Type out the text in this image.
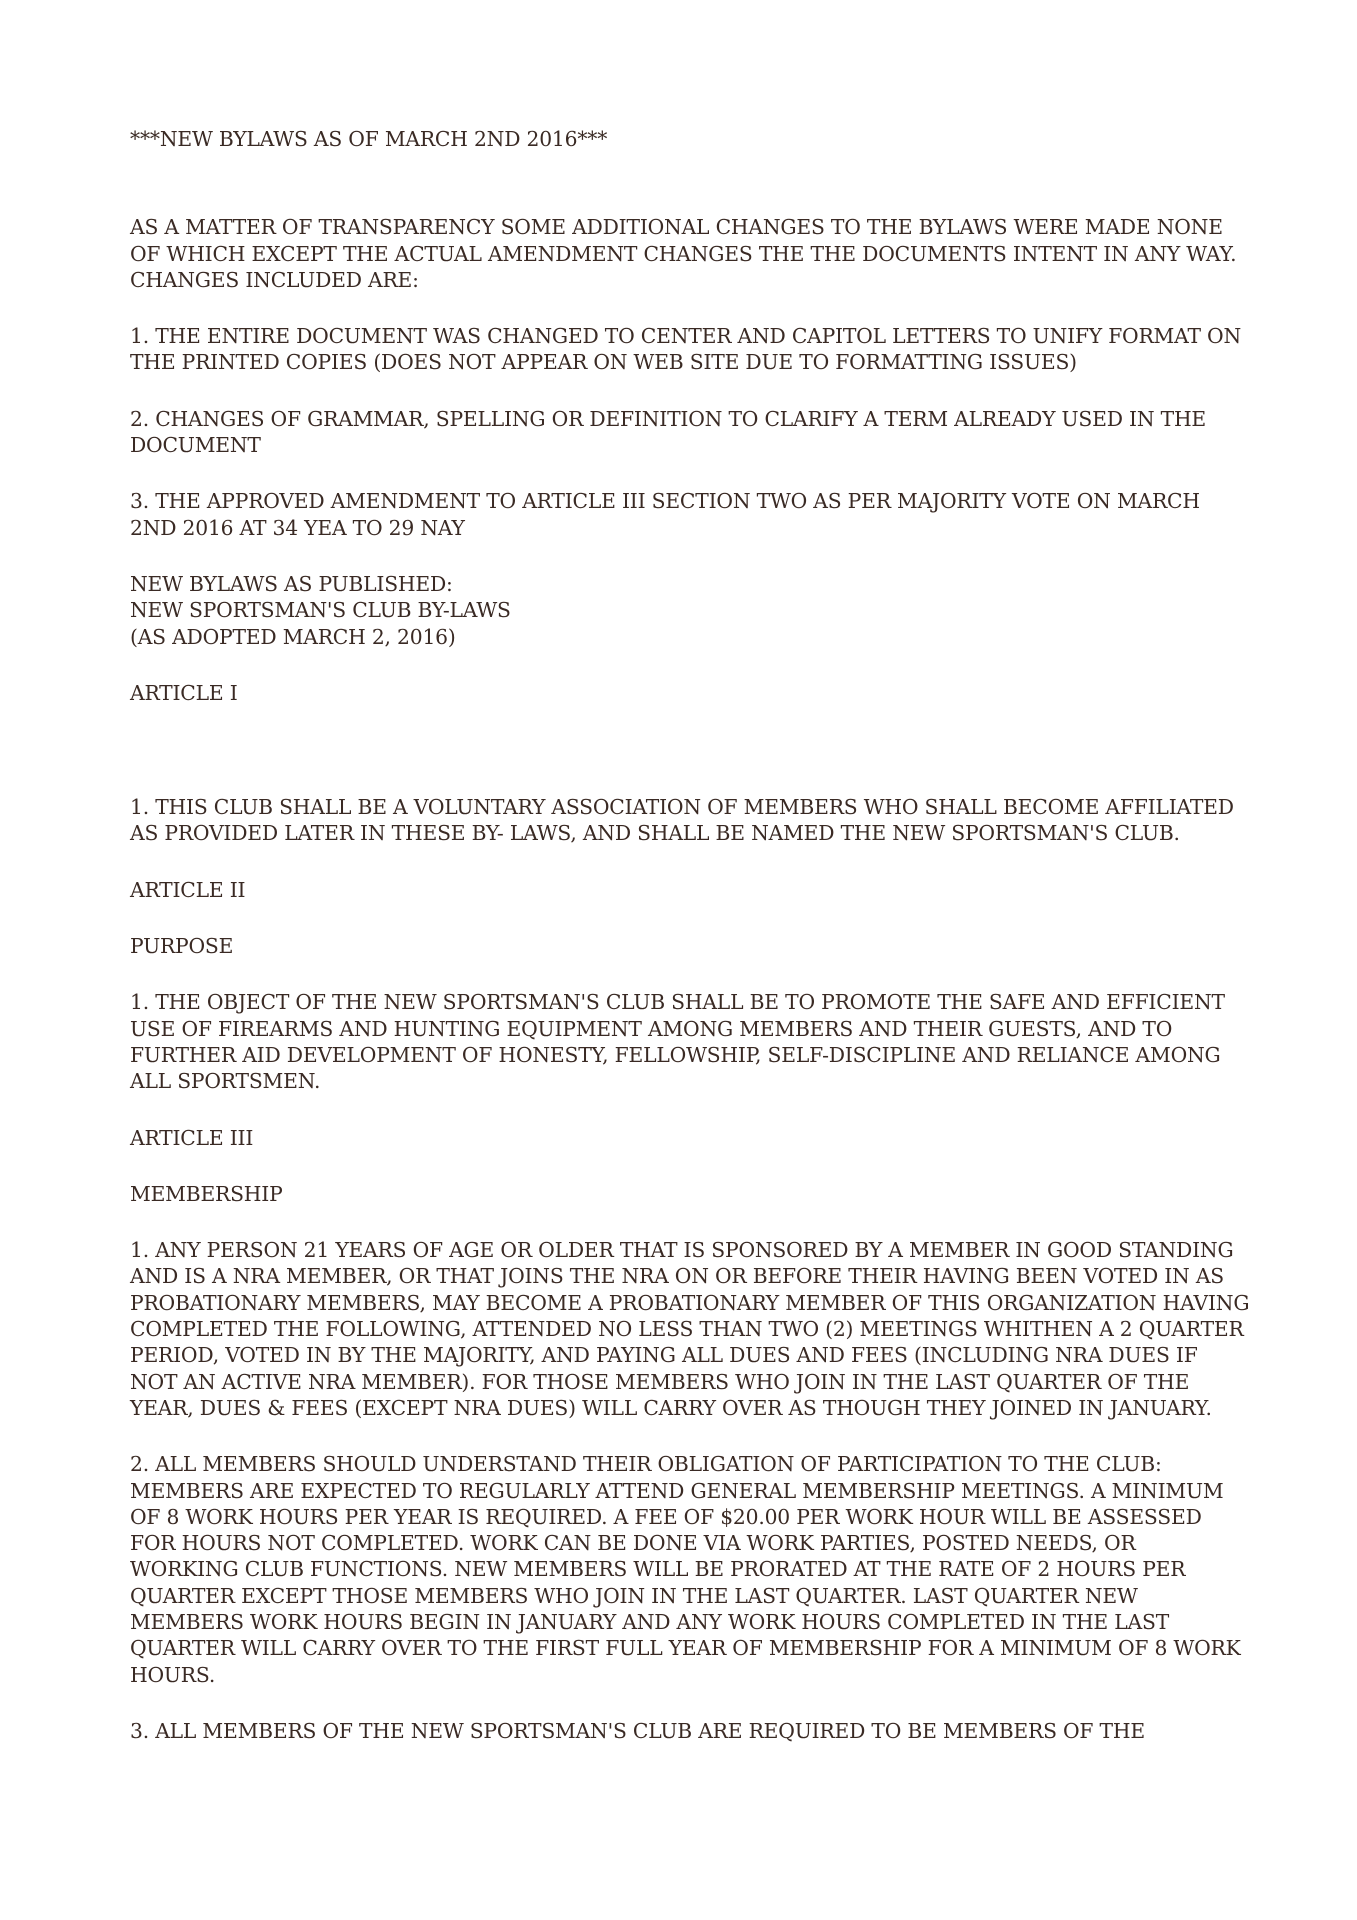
***NEW BYLAWS AS OF MARCH 2ND 2016***

AS A MATTER OF TRANSPARENCY SOME ADDITIONAL CHANGES TO THE BYLAWS WERE MADE NONE OF WHICH EXCEPT THE ACTUAL AMENDMENT CHANGES THE THE DOCUMENTS INTENT IN ANY WAY.
CHANGES INCLUDED ARE:

1. THE ENTIRE DOCUMENT WAS CHANGED TO CENTER AND CAPITOL LETTERS TO UNIFY FORMAT ON THE PRINTED COPIES (DOES NOT APPEAR ON WEB SITE DUE TO FORMATTING ISSUES)

2. CHANGES OF GRAMMAR, SPELLING OR DEFINITION TO CLARIFY A TERM ALREADY USED IN THE DOCUMENT

3. THE APPROVED AMENDMENT TO ARTICLE III SECTION TWO AS PER MAJORITY VOTE ON MARCH 2ND 2016 AT 34 YEA TO 29 NAY

NEW BYLAWS AS PUBLISHED:
NEW SPORTSMAN'S CLUB BY-LAWS
(AS ADOPTED MARCH 2, 2016)

ARTICLE I

1. THIS CLUB SHALL BE A VOLUNTARY ASSOCIATION OF MEMBERS WHO SHALL BECOME AFFILIATED AS PROVIDED LATER IN THESE BY- LAWS, AND SHALL BE NAMED THE NEW SPORTSMAN'S CLUB.

ARTICLE II

PURPOSE

1. THE OBJECT OF THE NEW SPORTSMAN'S CLUB SHALL BE TO PROMOTE THE SAFE AND EFFICIENT USE OF FIREARMS AND HUNTING EQUIPMENT AMONG MEMBERS AND THEIR GUESTS, AND TO FURTHER AID DEVELOPMENT OF HONESTY, FELLOWSHIP, SELF-DISCIPLINE AND RELIANCE AMONG ALL SPORTSMEN.

ARTICLE III

MEMBERSHIP

1. ANY PERSON 21 YEARS OF AGE OR OLDER THAT IS SPONSORED BY A MEMBER IN GOOD STANDING AND IS A NRA MEMBER, OR THAT JOINS THE NRA ON OR BEFORE THEIR HAVING BEEN VOTED IN AS PROBATIONARY MEMBERS, MAY BECOME A PROBATIONARY MEMBER OF THIS ORGANIZATION HAVING COMPLETED THE FOLLOWING, ATTENDED NO LESS THAN TWO (2) MEETINGS WHITHEN A 2 QUARTER PERIOD, VOTED IN BY THE MAJORITY, AND PAYING ALL DUES AND FEES (INCLUDING NRA DUES IF NOT AN ACTIVE NRA MEMBER). FOR THOSE MEMBERS WHO JOIN IN THE LAST QUARTER OF THE YEAR, DUES & FEES (EXCEPT NRA DUES) WILL CARRY OVER AS THOUGH THEY JOINED IN JANUARY.

2. ALL MEMBERS SHOULD UNDERSTAND THEIR OBLIGATION OF PARTICIPATION TO THE CLUB: MEMBERS ARE EXPECTED TO REGULARLY ATTEND GENERAL MEMBERSHIP MEETINGS. A MINIMUM OF 8 WORK HOURS PER YEAR IS REQUIRED. A FEE OF $20.00 PER WORK HOUR WILL BE ASSESSED FOR HOURS NOT COMPLETED. WORK CAN BE DONE VIA WORK PARTIES, POSTED NEEDS, OR WORKING CLUB FUNCTIONS. NEW MEMBERS WILL BE PRORATED AT THE RATE OF 2 HOURS PER QUARTER EXCEPT THOSE MEMBERS WHO JOIN IN THE LAST QUARTER. LAST QUARTER NEW MEMBERS WORK HOURS BEGIN IN JANUARY AND ANY WORK HOURS COMPLETED IN THE LAST QUARTER WILL CARRY OVER TO THE FIRST FULL YEAR OF MEMBERSHIP FOR A MINIMUM OF 8 WORK HOURS.

3. ALL MEMBERS OF THE NEW SPORTSMAN'S CLUB ARE REQUIRED TO BE MEMBERS OF THE
